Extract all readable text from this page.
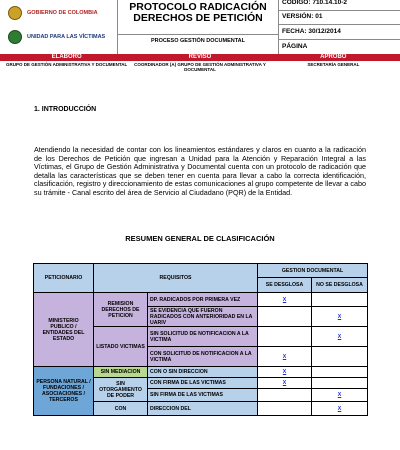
GOBIERNO DE COLOMBIA
UNIDAD PARA LAS VÍCTIMAS
PROTOCOLO RADICACIÓN DERECHOS DE PETICIÓN
PROCESO GESTIÓN DOCUMENTAL
CÓDIGO: 710.14.10-2
VERSIÓN: 01
FECHA: 30/12/2014
PÁGINA
ELABORÓ	REVISÓ	APROBÓ
GRUPO DE GESTIÓN ADMINISTRATIVA Y DOCUMENTAL	COORDINADOR (A) GRUPO DE GESTIÓN ADMINISTRATIVA Y DOCUMENTAL
SECRETARÍA GENERAL
1. INTRODUCCIÓN
Atendiendo la necesidad de contar con los lineamientos estándares y claros en cuanto a la radicación de los Derechos de Petición que ingresan a Unidad para la Atención y Reparación Integral a las Víctimas, el Grupo de Gestión Administrativa y Documental cuenta con un protocolo de radicación que detalla las características que se deben tener en cuenta para llevar a cabo la correcta identificación, clasificación, registro y direccionamiento de estas comunicaciones al grupo competente de llevar a cabo su trámite - Canal escrito del área de Servicio al Ciudadano (PQR) de la Entidad.
RESUMEN GENERAL DE CLASIFICACIÓN
PETICIONARIO	REQUISITOS		GESTION DOCUMENTAL	
			SE DESGLOSA	NO SE DESGLOSA
MINISTERIO PUBLICO / ENTIDADES DEL ESTADO	REMISION DERECHOS DE PETICION	DP. RADICADOS POR PRIMERA VEZ	X	
		SE EVIDENCIA QUE FUERON RADICADOS CON ANTERIORIDAD EN LA UARIV		X
	LISTADO VICTIMAS	SIN SOLICITUD DE NOTIFICACION A LA VICTIMA		X
		CON SOLICITUD DE NOTIFICACION A LA VICTIMA	X	
PERSONA NATURAL / FUNDACIONES / ASOCIACIONES / TERCEROS	SIN MEDIACION	CON O SIN DIRECCION	X	
	SIN OTORGAMIENTO DE PODER	CON FIRMA DE LAS VICTIMAS	X	
		SIN FIRMA DE LAS VICTIMAS		X
	CON	DIRECCION DEL		X
